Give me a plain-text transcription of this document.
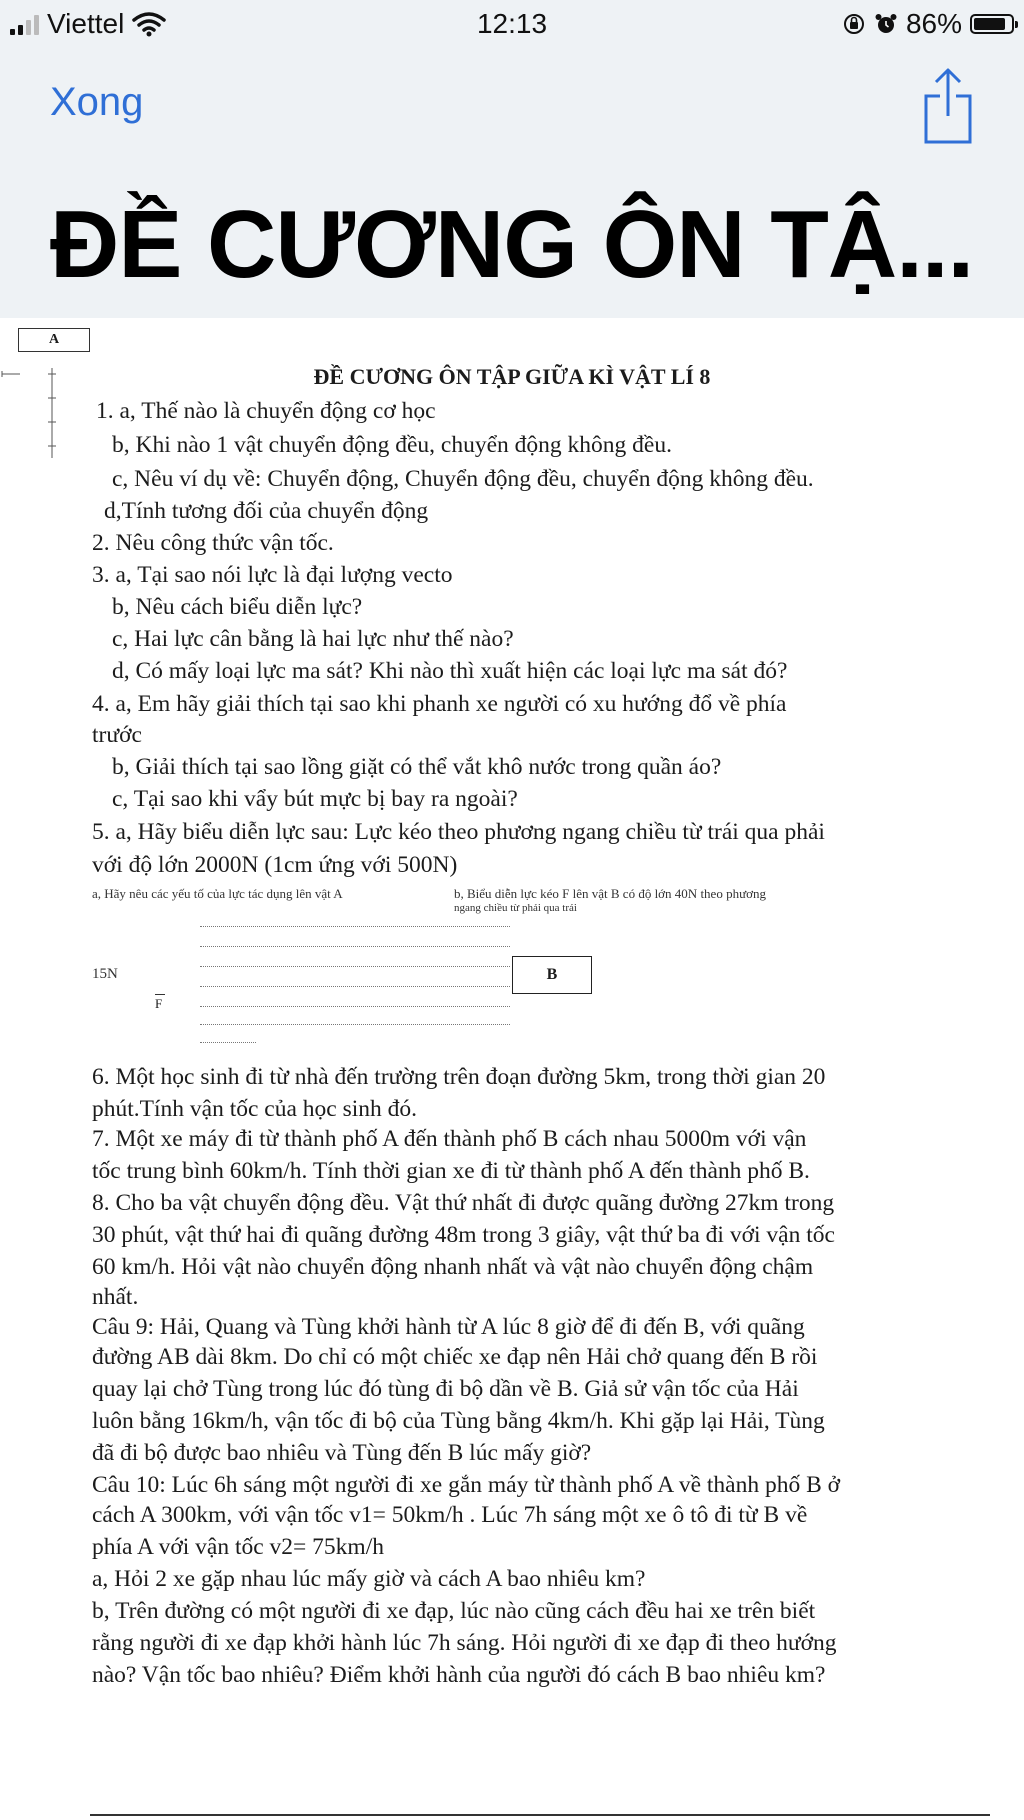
Viettel	12:13	86%
Xong
ĐỀ CƯƠNG ÔN TẬ...
A
ĐỀ CƯƠNG ÔN TẬP GIỮA KÌ VẬT LÍ 8
1. a, Thế nào là chuyển động cơ học
b, Khi nào 1 vật chuyển động đều, chuyển động không đều.
c, Nêu ví dụ về: Chuyển động, Chuyển động đều, chuyển động không đều.
d,Tính tương đối của chuyển động
2. Nêu công thức vận tốc.
3. a, Tại sao nói lực là đại lượng vecto
b, Nêu cách biểu diễn lực?
c, Hai lực cân bằng là hai lực như thế nào?
d, Có mấy loại lực ma sát? Khi nào thì xuất hiện các loại lực ma sát đó?
4. a, Em hãy giải thích tại sao khi phanh xe người có xu hướng đổ về phía
trước
b, Giải thích tại sao lồng giặt có thể vắt khô nước trong quần áo?
c, Tại sao khi vẩy bút mực bị bay ra ngoài?
5. a, Hãy biểu diễn lực sau: Lực kéo theo phương ngang chiều từ trái qua phải
với độ lớn 2000N (1cm ứng với 500N)
a, Hãy nêu các yếu tố của lực tác dụng lên vật A	b, Biểu diễn lực kéo F lên vật B có độ lớn 40N theo phương
ngang chiều từ phải qua trái
15N	B
F
6. Một học sinh đi từ nhà đến trường trên đoạn đường 5km, trong thời gian 20
phút.Tính vận tốc của học sinh đó.
7. Một xe máy đi từ thành phố A đến thành phố B cách nhau 5000m với vận
tốc trung bình 60km/h. Tính thời gian xe đi từ thành phố A đến thành phố B.
8. Cho ba vật chuyển động đều. Vật thứ nhất đi được quãng đường 27km trong
30 phút, vật thứ hai đi quãng đường 48m trong 3 giây, vật thứ ba đi với vận tốc
60 km/h. Hỏi vật nào chuyển động nhanh nhất và vật nào chuyển động chậm
nhất.
Câu 9: Hải, Quang và Tùng khởi hành từ A lúc 8 giờ để đi đến B, với quãng
đường AB dài 8km. Do chỉ có một chiếc xe đạp nên Hải chở quang đến B rồi
quay lại chở Tùng trong lúc đó tùng đi bộ dần về B. Giả sử vận tốc của Hải
luôn bằng 16km/h, vận tốc đi bộ của Tùng bằng 4km/h. Khi gặp lại Hải, Tùng
đã đi bộ được bao nhiêu và Tùng đến B lúc mấy giờ?
Câu 10: Lúc 6h sáng một người đi xe gắn máy từ thành phố A về thành phố B ở
cách A 300km, với vận tốc v1= 50km/h . Lúc 7h sáng một xe ô tô đi từ B về
phía A với vận tốc v2= 75km/h
a, Hỏi 2 xe gặp nhau lúc mấy giờ và cách A bao nhiêu km?
b, Trên đường có một người đi xe đạp, lúc nào cũng cách đều hai xe trên biết
rằng người đi xe đạp khởi hành lúc 7h sáng. Hỏi người đi xe đạp đi theo hướng
nào? Vận tốc bao nhiêu? Điểm khởi hành của người đó cách B bao nhiêu km?
